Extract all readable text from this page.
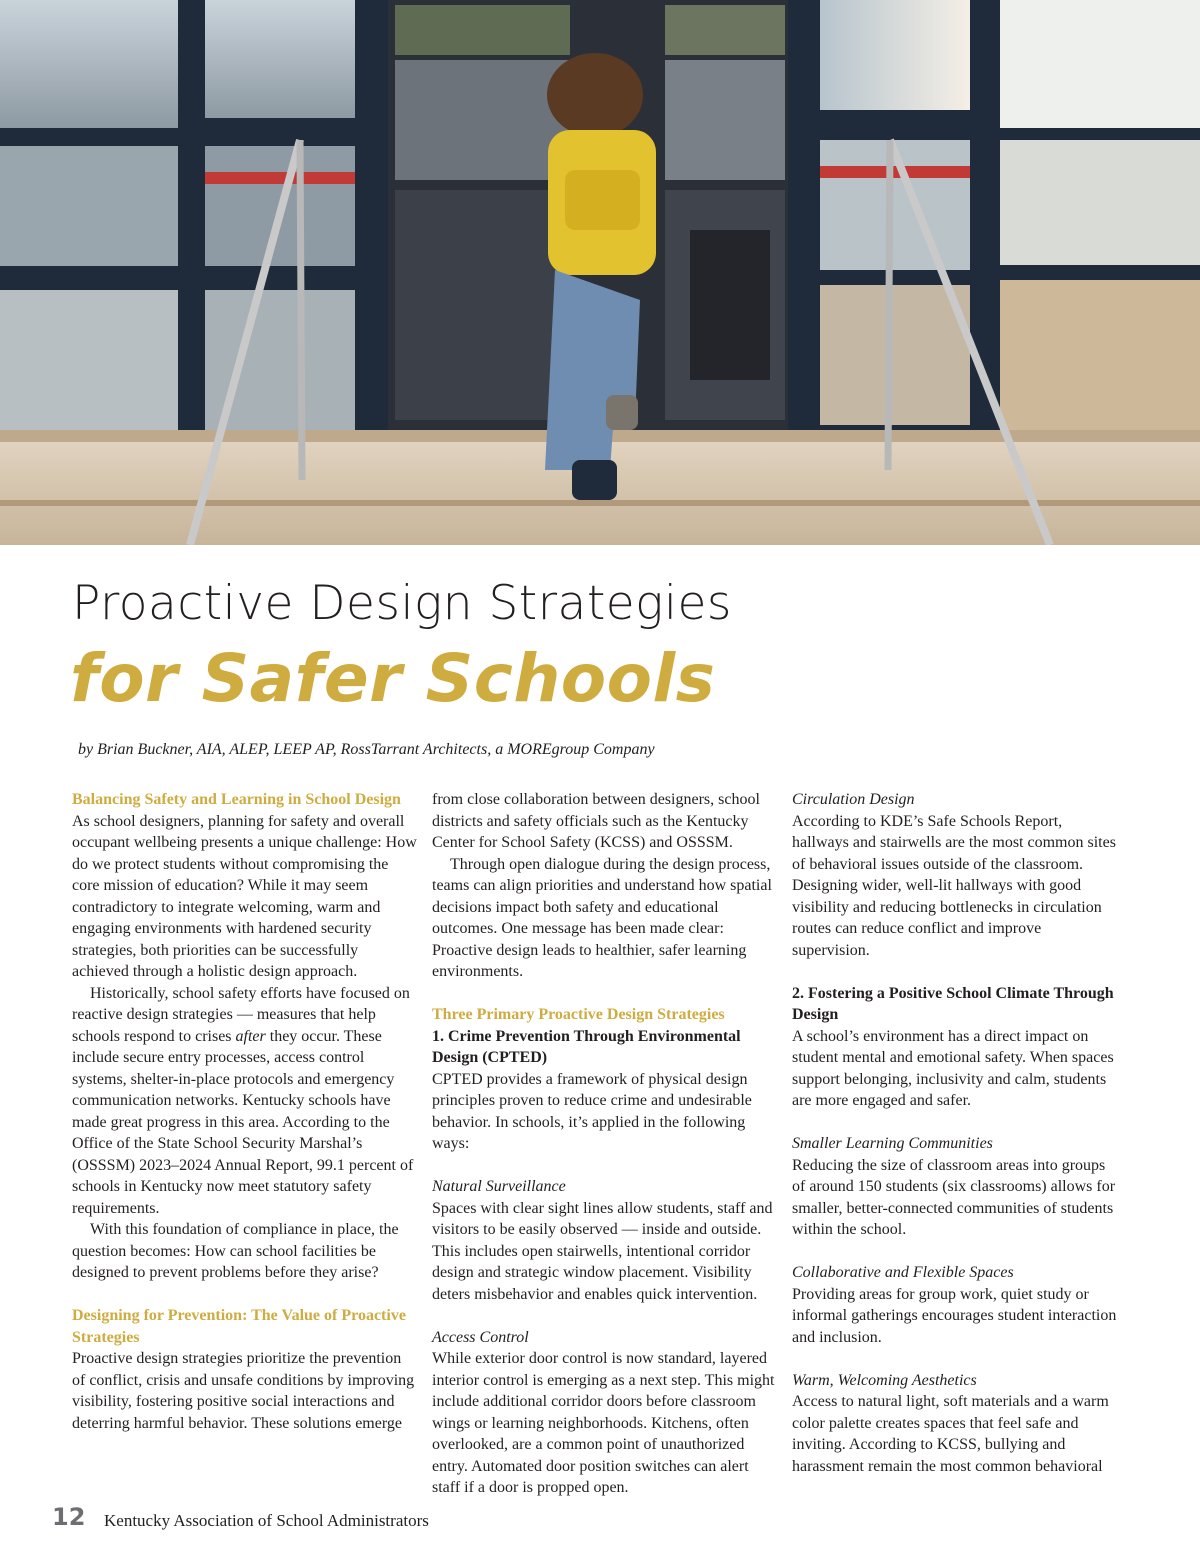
Proactive Design Strategies
for Safer Schools
by Brian Buckner, AIA, ALEP, LEEP AP, RossTarrant Architects, a MOREgroup Company

Balancing Safety and Learning in School Design

As school designers, planning for safety and overall occupant wellbeing presents a unique challenge: How do we protect students without compromising the core mission of education? While it may seem contradictory to integrate welcoming, warm and engaging environments with hardened security strategies, both priorities can be successfully achieved through a holistic design approach.

Historically, school safety efforts have focused on reactive design strategies — measures that help schools respond to crises after they occur. These include secure entry processes, access control systems, shelter-in-place protocols and emergency communication networks. Kentucky schools have made great progress in this area. According to the Office of the State School Security Marshal’s (OSSSM) 2023–2024 Annual Report, 99.1 percent of schools in Kentucky now meet statutory safety requirements.

With this foundation of compliance in place, the question becomes: How can school facilities be designed to prevent problems before they arise?

Designing for Prevention: The Value of Proactive Strategies

Proactive design strategies prioritize the prevention of conflict, crisis and unsafe conditions by improving visibility, fostering positive social interactions and deterring harmful behavior. These solutions emerge

from close collaboration between designers, school districts and safety officials such as the Kentucky Center for School Safety (KCSS) and OSSSM.

Through open dialogue during the design process, teams can align priorities and understand how spatial decisions impact both safety and educational outcomes. One message has been made clear: Proactive design leads to healthier, safer learning environments.

Three Primary Proactive Design Strategies

1. Crime Prevention Through Environmental Design (CPTED)

CPTED provides a framework of physical design principles proven to reduce crime and undesirable behavior. In schools, it’s applied in the following ways:

Natural Surveillance

Spaces with clear sight lines allow students, staff and visitors to be easily observed — inside and outside. This includes open stairwells, intentional corridor design and strategic window placement. Visibility deters misbehavior and enables quick intervention.

Access Control

While exterior door control is now standard, layered interior control is emerging as a next step. This might include additional corridor doors before classroom wings or learning neighborhoods. Kitchens, often overlooked, are a common point of unauthorized entry. Automated door position switches can alert staff if a door is propped open.

Circulation Design

According to KDE’s Safe Schools Report, hallways and stairwells are the most common sites of behavioral issues outside of the classroom. Designing wider, well-lit hallways with good visibility and reducing bottlenecks in circulation routes can reduce conflict and improve supervision.

2. Fostering a Positive School Climate Through Design

A school’s environment has a direct impact on student mental and emotional safety. When spaces support belonging, inclusivity and calm, students are more engaged and safer.

Smaller Learning Communities

Reducing the size of classroom areas into groups of around 150 students (six classrooms) allows for smaller, better-connected communities of students within the school.

Collaborative and Flexible Spaces

Providing areas for group work, quiet study or informal gatherings encourages student interaction and inclusion.

Warm, Welcoming Aesthetics

Access to natural light, soft materials and a warm color palette creates spaces that feel safe and inviting. According to KCSS, bullying and harassment remain the most common behavioral

12 Kentucky Association of School Administrators
